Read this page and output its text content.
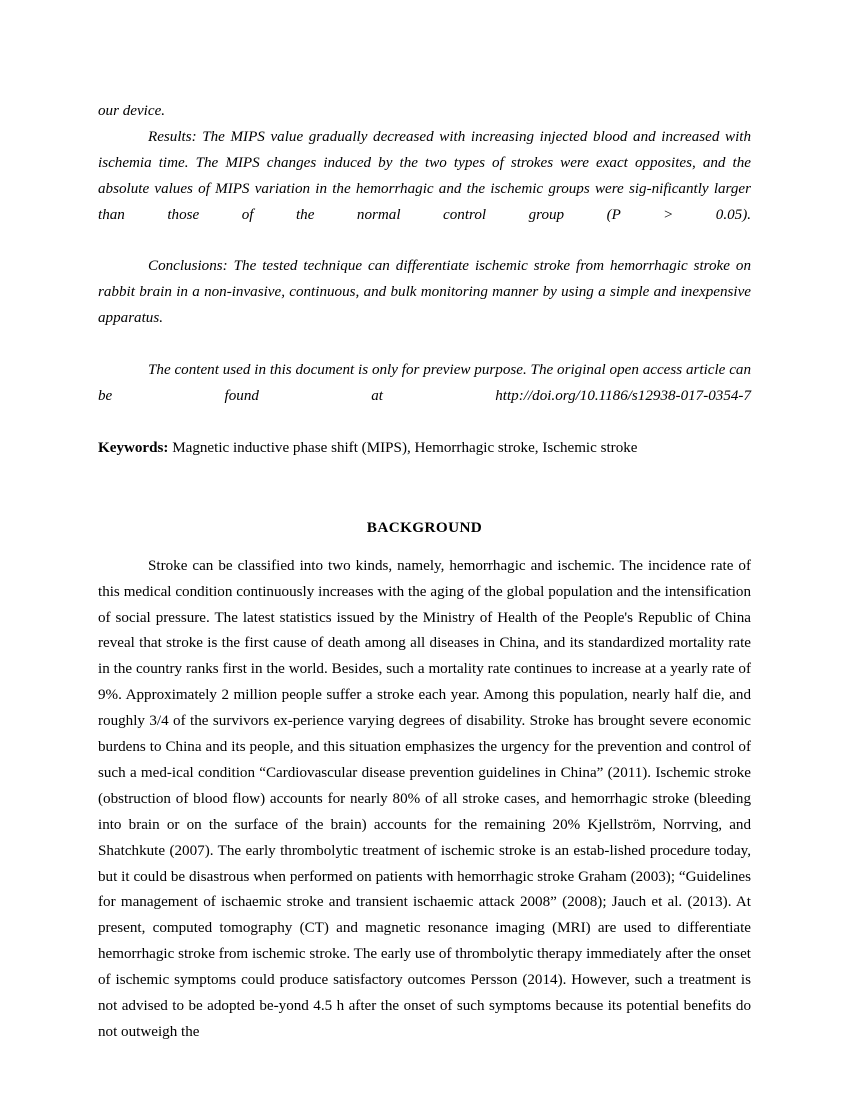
our device.

Results: The MIPS value gradually decreased with increasing injected blood and increased with ischemia time. The MIPS changes induced by the two types of strokes were exact opposites, and the absolute values of MIPS variation in the hemorrhagic and the ischemic groups were sig-nificantly larger than those of the normal control group (P > 0.05).

Conclusions: The tested technique can differentiate ischemic stroke from hemorrhagic stroke on rabbit brain in a non-invasive, continuous, and bulk monitoring manner by using a simple and inexpensive apparatus.

The content used in this document is only for preview purpose. The original open access article can be found at http://doi.org/10.1186/s12938-017-0354-7

Keywords: Magnetic inductive phase shift (MIPS), Hemorrhagic stroke, Ischemic stroke

BACKGROUND

Stroke can be classified into two kinds, namely, hemorrhagic and ischemic. The incidence rate of this medical condition continuously increases with the aging of the global population and the intensification of social pressure. The latest statistics issued by the Ministry of Health of the People's Republic of China reveal that stroke is the first cause of death among all diseases in China, and its standardized mortality rate in the country ranks first in the world. Besides, such a mortality rate continues to increase at a yearly rate of 9%. Approximately 2 million people suffer a stroke each year. Among this population, nearly half die, and roughly 3/4 of the survivors ex-perience varying degrees of disability. Stroke has brought severe economic burdens to China and its people, and this situation emphasizes the urgency for the prevention and control of such a med-ical condition “Cardiovascular disease prevention guidelines in China” (2011). Ischemic stroke (obstruction of blood flow) accounts for nearly 80% of all stroke cases, and hemorrhagic stroke (bleeding into brain or on the surface of the brain) accounts for the remaining 20% Kjellström, Norrving, and Shatchkute (2007). The early thrombolytic treatment of ischemic stroke is an estab-lished procedure today, but it could be disastrous when performed on patients with hemorrhagic stroke Graham (2003); “Guidelines for management of ischaemic stroke and transient ischaemic attack 2008” (2008); Jauch et al. (2013). At present, computed tomography (CT) and magnetic resonance imaging (MRI) are used to differentiate hemorrhagic stroke from ischemic stroke. The early use of thrombolytic therapy immediately after the onset of ischemic symptoms could produce satisfactory outcomes Persson (2014). However, such a treatment is not advised to be adopted be-yond 4.5 h after the onset of such symptoms because its potential benefits do not outweigh the
